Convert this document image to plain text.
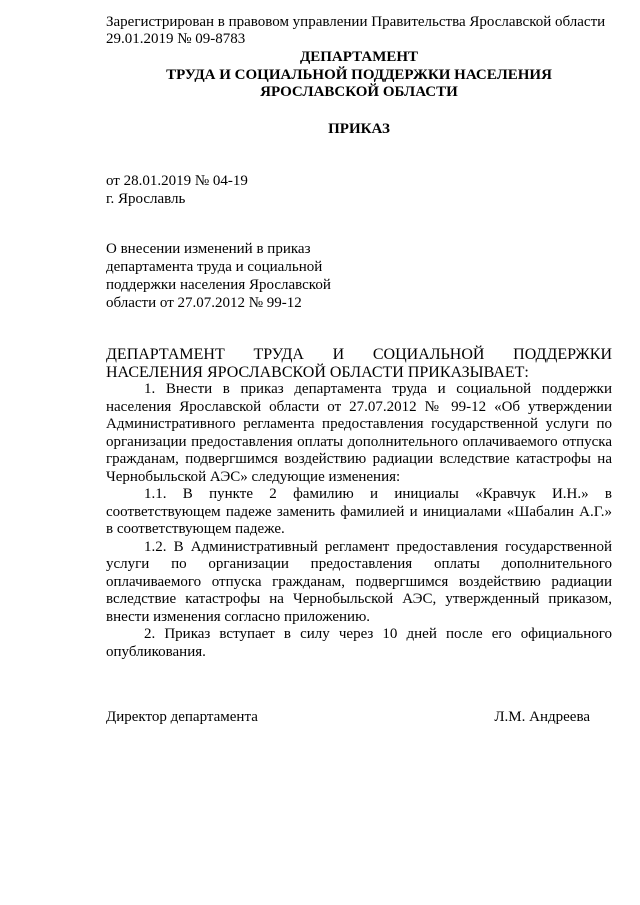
Зарегистрирован в правовом управлении Правительства Ярославской области
29.01.2019 № 09-8783
ДЕПАРТАМЕНТ
ТРУДА И СОЦИАЛЬНОЙ ПОДДЕРЖКИ НАСЕЛЕНИЯ
ЯРОСЛАВСКОЙ ОБЛАСТИ
ПРИКАЗ
от 28.01.2019 № 04-19
г. Ярославль
О внесении изменений в приказ
департамента труда и социальной
поддержки населения Ярославской
области от 27.07.2012 № 99-12

ДЕПАРТАМЕНТ ТРУДА И СОЦИАЛЬНОЙ ПОДДЕРЖКИ НАСЕЛЕНИЯ ЯРОСЛАВСКОЙ ОБЛАСТИ ПРИКАЗЫВАЕТ:

1. Внести в приказ департамента труда и социальной поддержки населения Ярославской области от 27.07.2012 № 99-12 «Об утверждении Административного регламента предоставления государственной услуги по организации предоставления оплаты дополнительного оплачиваемого отпуска гражданам, подвергшимся воздействию радиации вследствие катастрофы на Чернобыльской АЭС» следующие изменения:

1.1. В пункте 2 фамилию и инициалы «Кравчук И.Н.» в соответствующем падеже заменить фамилией и инициалами «Шабалин А.Г.» в соответствующем падеже.

1.2. В Административный регламент предоставления государственной услуги по организации предоставления оплаты дополнительного оплачиваемого отпуска гражданам, подвергшимся воздействию радиации вследствие катастрофы на Чернобыльской АЭС, утвержденный приказом, внести изменения согласно приложению.

2. Приказ вступает в силу через 10 дней после его официального опубликования.

Директор департамента	Л.М. Андреева
